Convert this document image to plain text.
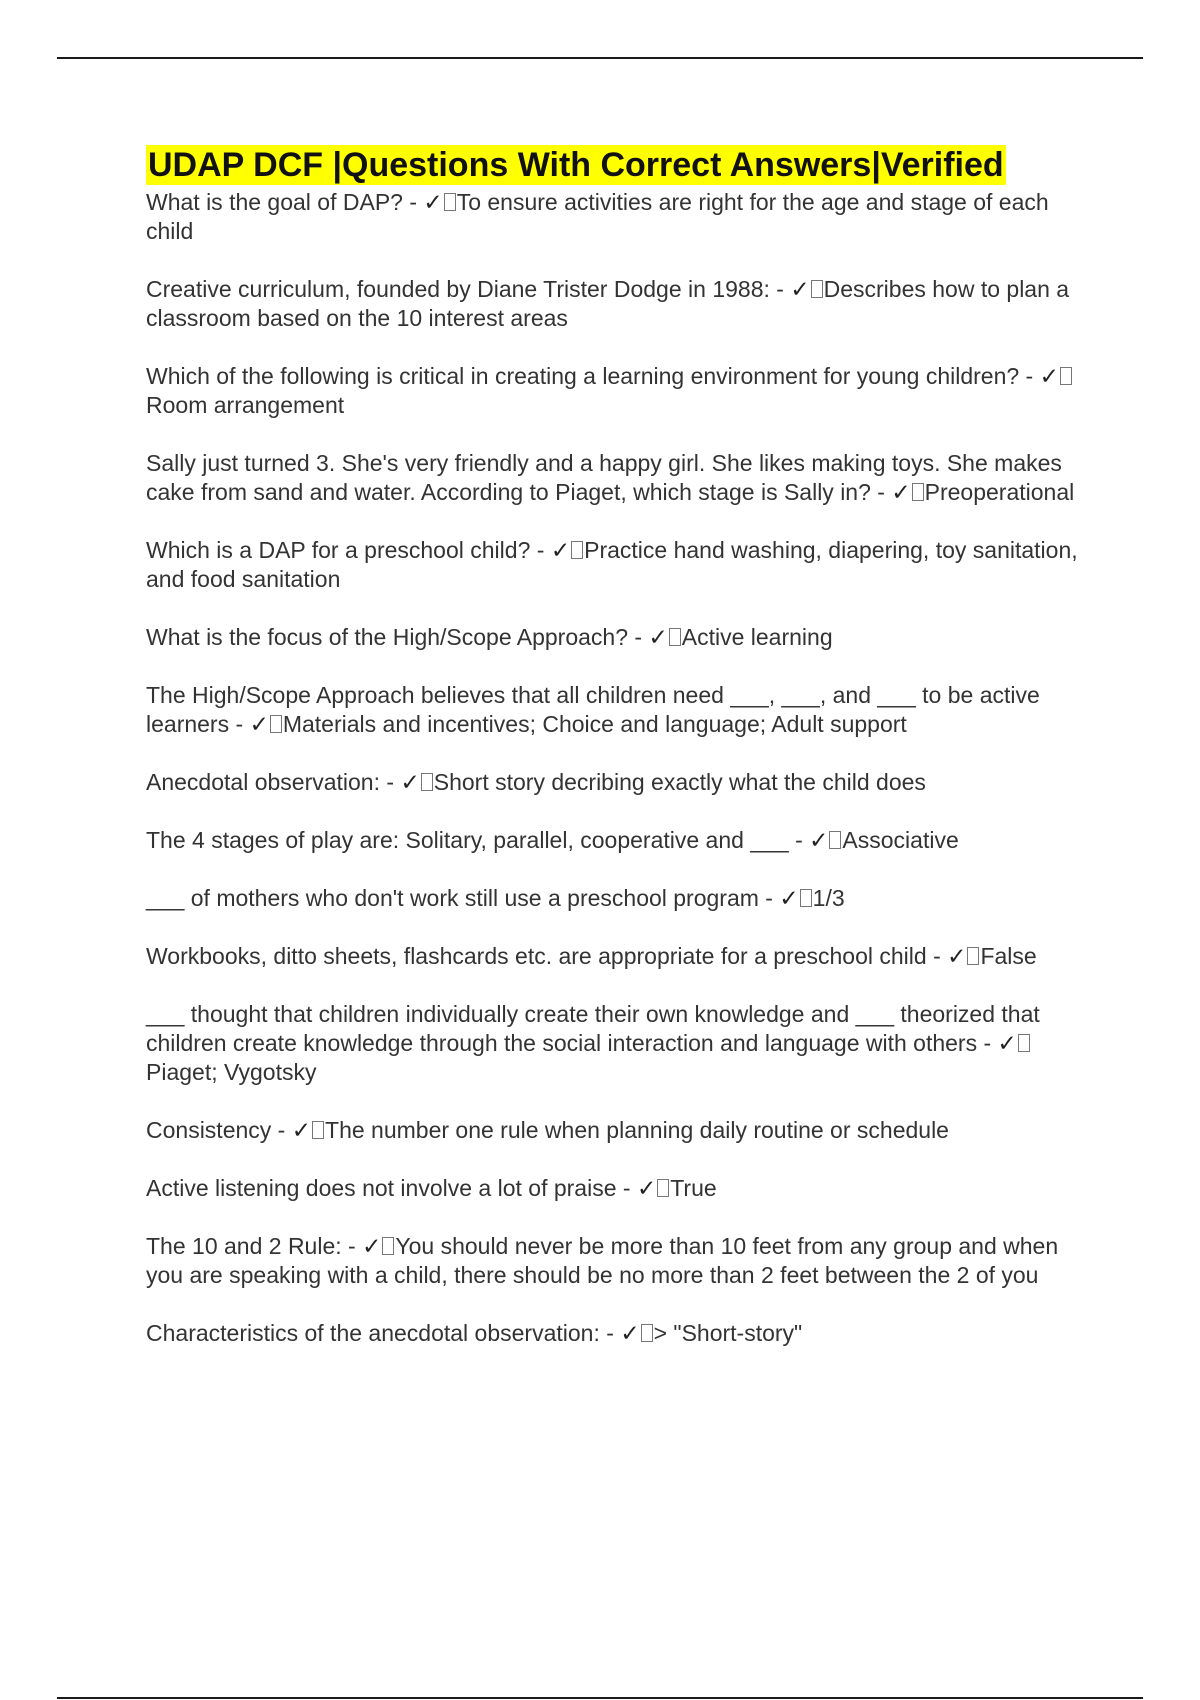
UDAP DCF |Questions With Correct Answers|Verified
What is the goal of DAP? - ✓ To ensure activities are right for the age and stage of each child
Creative curriculum, founded by Diane Trister Dodge in 1988: - ✓ Describes how to plan a classroom based on the 10 interest areas
Which of the following is critical in creating a learning environment for young children? - ✓Room arrangement
Sally just turned 3. She's very friendly and a happy girl. She likes making toys. She makes cake from sand and water. According to Piaget, which stage is Sally in? - ✓ Preoperational
Which is a DAP for a preschool child? - ✓ Practice hand washing, diapering, toy sanitation, and food sanitation
What is the focus of the High/Scope Approach? - ✓ Active learning
The High/Scope Approach believes that all children need ___, ___, and ___ to be active learners - ✓ Materials and incentives; Choice and language; Adult support
Anecdotal observation: - ✓ Short story decribing exactly what the child does
The 4 stages of play are: Solitary, parallel, cooperative and ___ - ✓ Associative
___ of mothers who don't work still use a preschool program - ✓ 1/3
Workbooks, ditto sheets, flashcards etc. are appropriate for a preschool child - ✓ False
___ thought that children individually create their own knowledge and ___ theorized that children create knowledge through the social interaction and language with others - ✓Piaget; Vygotsky
Consistency - ✓ The number one rule when planning daily routine or schedule
Active listening does not involve a lot of praise - ✓ True
The 10 and 2 Rule: - ✓ You should never be more than 10 feet from any group and when you are speaking with a child, there should be no more than 2 feet between the 2 of you
Characteristics of the anecdotal observation: - ✓ > "Short-story"
